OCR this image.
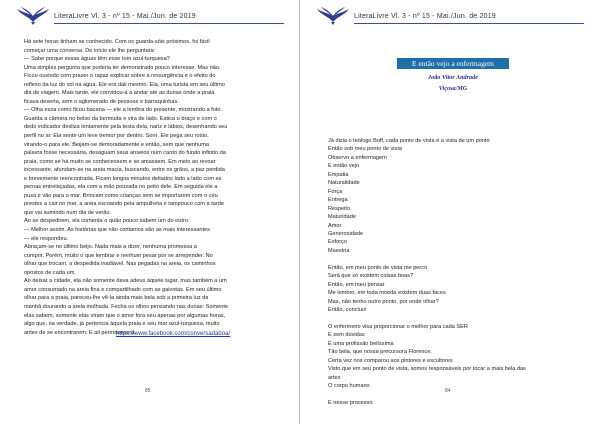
LiteraLivre Vl. 3 - nº 15 - Mai./Jun. de 2019

Há sete horas tinham se conhecido. Com os guarda-sóis próximos, foi fácil

começar uma conversa. De início ele lhe perguntara:

— Sabe porque essas águas têm esse tom azul-turquesa?

Uma simples pergunta que poderia ter demonstrado pouco interesse. Mas não.

Ficou ouvindo com prazer o rapaz explicar sobre a ressurgência e o efeito do

reflexo da luz do sol na água. Ele era dali mesmo. Ela, uma turista em seu último

dia de viagem. Mais tarde, ele convidou-a a andar até as dunas onde a praia

ficava deserta, sem o aglomerado de pessoas e barraquinhas.

— Olha essa como ficou bacana — ele a lembra do presente, mostrando a foto.

Guarda a câmera no bolso da bermuda e vira de lado. Estica o braço e com o

dedo indicador desliza lentamente pela testa dela, nariz e lábios, desenhando seu

perfil no ar. Ela sente um leve tremor por dentro. Sorri. Ele pega seu rosto,

virando-o para ele. Beijam-se demoradamente e então, sem que nenhuma

palavra fosse necessária, desaguam seus anseios num canto do fundo infinito da

praia, como se há muito se conhecessem e se amassem. Em meio ao revoar

incessante, afundam-se na areia macia, buscando, entre os grãos, a paz perdida

e brevemente reencontrada. Ficam longos minutos deitados lado a lado com as

pernas entrelaçadas, ela com a mão pousada no peito dele. Em seguida ele a

puxa e vão para o mar. Brincam como crianças sem se importarem com o céu

prestes a cair no mar, a areia escoando pela ampulheta e tampouco com a tarde

que vai sumindo num dia de verão.

Ao se despedirem, ela comenta o quão pouco sabem um do outro.

— Melhor assim. As histórias que não contamos são as mais interessantes

— ele respondeu.

Abraçam-se no último beijo. Nada mais a dizer, nenhuma promessa a

cumprir. Porém, muito o que lembrar e nenhum pesar por se arrepender. No

olhar que trocam, a despedida inadiável. Nas pegadas na areia, os caminhos

opostos de cada um.

Ao deixar a cidade, ela não somente dava adeus àquele lugar, mas também a um

amor consumado na areia fina e compartilhado com as gaivotas. Em seu último

olhar para a praia, pareceu-lhe vê-la ainda mais bela sob a primeira luz da

manhã dourando a areia molhada. Fecha os olhos pensando nas dunas: Somente

elas sabem, somente elas viram que o amor fora seu apenas por algumas horas,

algo que, na verdade, já pertencia àquela praia e seu mar azul-turquesa, muito

antes de se encontrarem. E ali permanecerá.

https://www.facebook.com/conversadaboa/
85
LiteraLivre Vl. 3 - nº 15 - Mai./Jun. de 2019
E então vejo a enfermagem
João Vitor Andrade
Viçosa/MG

Já dizia o teólogo Boff, cada ponto de vista é a vista de um ponto

Então sob meu ponto de vista

Observo a enfermagem

E então vejo

Empatia

Naturalidade

Força

Entrega

Respeito

Maturidade

Amor

Generosidade

Esforço

Maestria

Então, em meu ponto de vista me perco

Será que só existem coisas boas?

Então, em meu pensar

Me lembro, em toda moeda existem duas faces

Mas, não tenho outro ponto, por onde olhar?

Então, concluo!

O enfermeiro visa proporcionar o melhor para cada SER

E sem dúvidas

É uma profissão belíssima

Tão bela, que nossa precursora Florence,

Certa vez nos comparou aos pintores e escultores

Visto que em seu ponto de vista, somos responsáveis por tocar a mais bela das

artes

O corpo humano

E nesse processo

84
